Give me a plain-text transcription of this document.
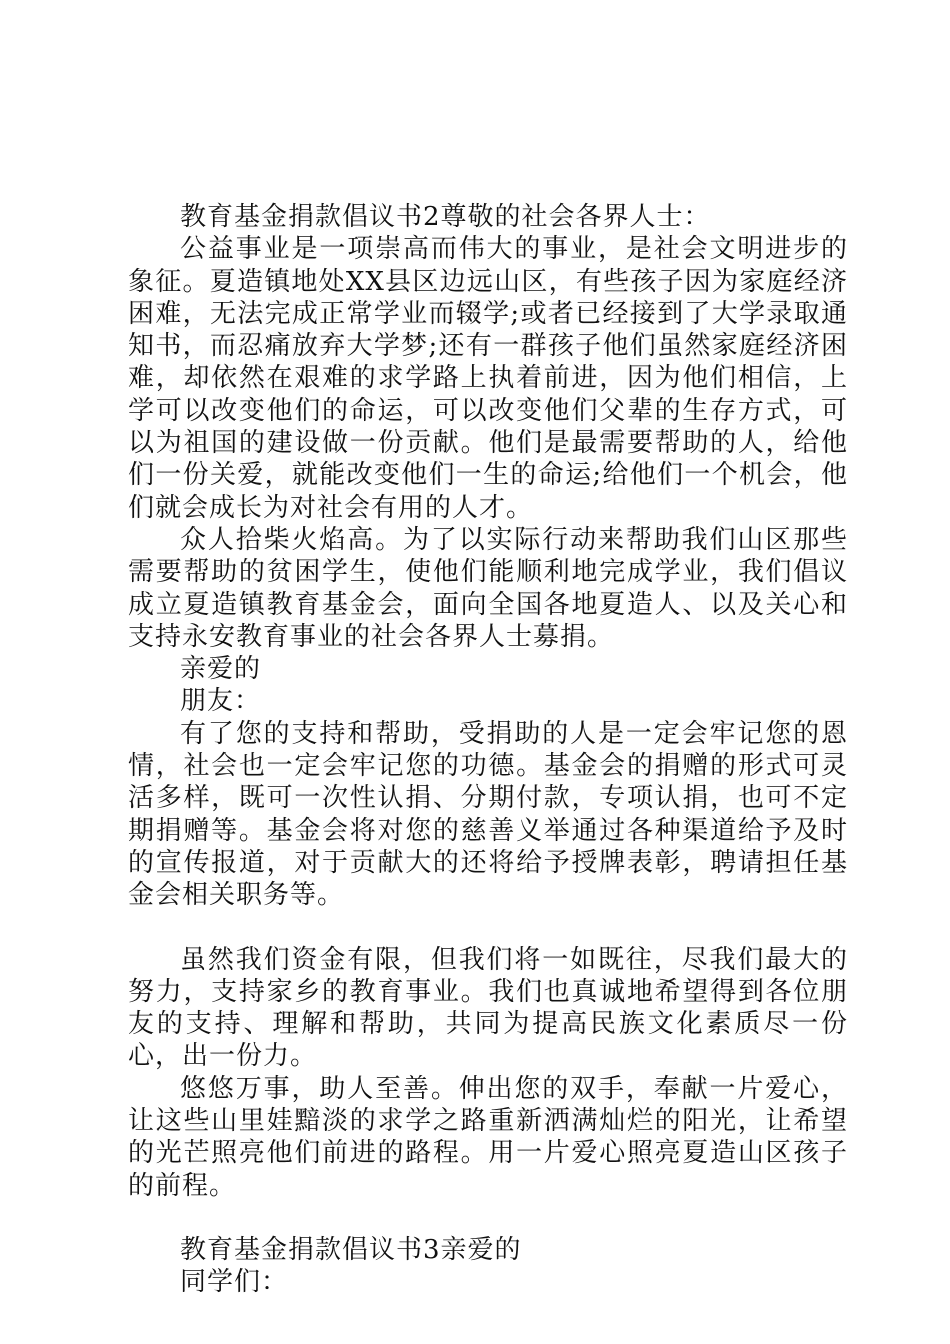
教育基金捐款倡议书2尊敬的社会各界人士：

公益事业是一项崇高而伟大的事业，是社会文明进步的象征。夏造镇地处XX县区边远山区，有些孩子因为家庭经济困难，无法完成正常学业而辍学;或者已经接到了大学录取通知书，而忍痛放弃大学梦;还有一群孩子他们虽然家庭经济困难，却依然在艰难的求学路上执着前进，因为他们相信，上学可以改变他们的命运，可以改变他们父辈的生存方式，可以为祖国的建设做一份贡献。他们是最需要帮助的人，给他们一份关爱，就能改变他们一生的命运;给他们一个机会，他们就会成长为对社会有用的人才。

众人拾柴火焰高。为了以实际行动来帮助我们山区那些需要帮助的贫困学生，使他们能顺利地完成学业，我们倡议成立夏造镇教育基金会，面向全国各地夏造人、以及关心和支持永安教育事业的社会各界人士募捐。

亲爱的

朋友：

有了您的支持和帮助，受捐助的人是一定会牢记您的恩情，社会也一定会牢记您的功德。基金会的捐赠的形式可灵活多样，既可一次性认捐、分期付款，专项认捐，也可不定期捐赠等。基金会将对您的慈善义举通过各种渠道给予及时的宣传报道，对于贡献大的还将给予授牌表彰，聘请担任基金会相关职务等。

虽然我们资金有限，但我们将一如既往，尽我们最大的努力，支持家乡的教育事业。我们也真诚地希望得到各位朋友的支持、理解和帮助，共同为提高民族文化素质尽一份心，出一份力。

悠悠万事，助人至善。伸出您的双手，奉献一片爱心，让这些山里娃黯淡的求学之路重新洒满灿烂的阳光，让希望的光芒照亮他们前进的路程。用一片爱心照亮夏造山区孩子的前程。

教育基金捐款倡议书3亲爱的

同学们：
